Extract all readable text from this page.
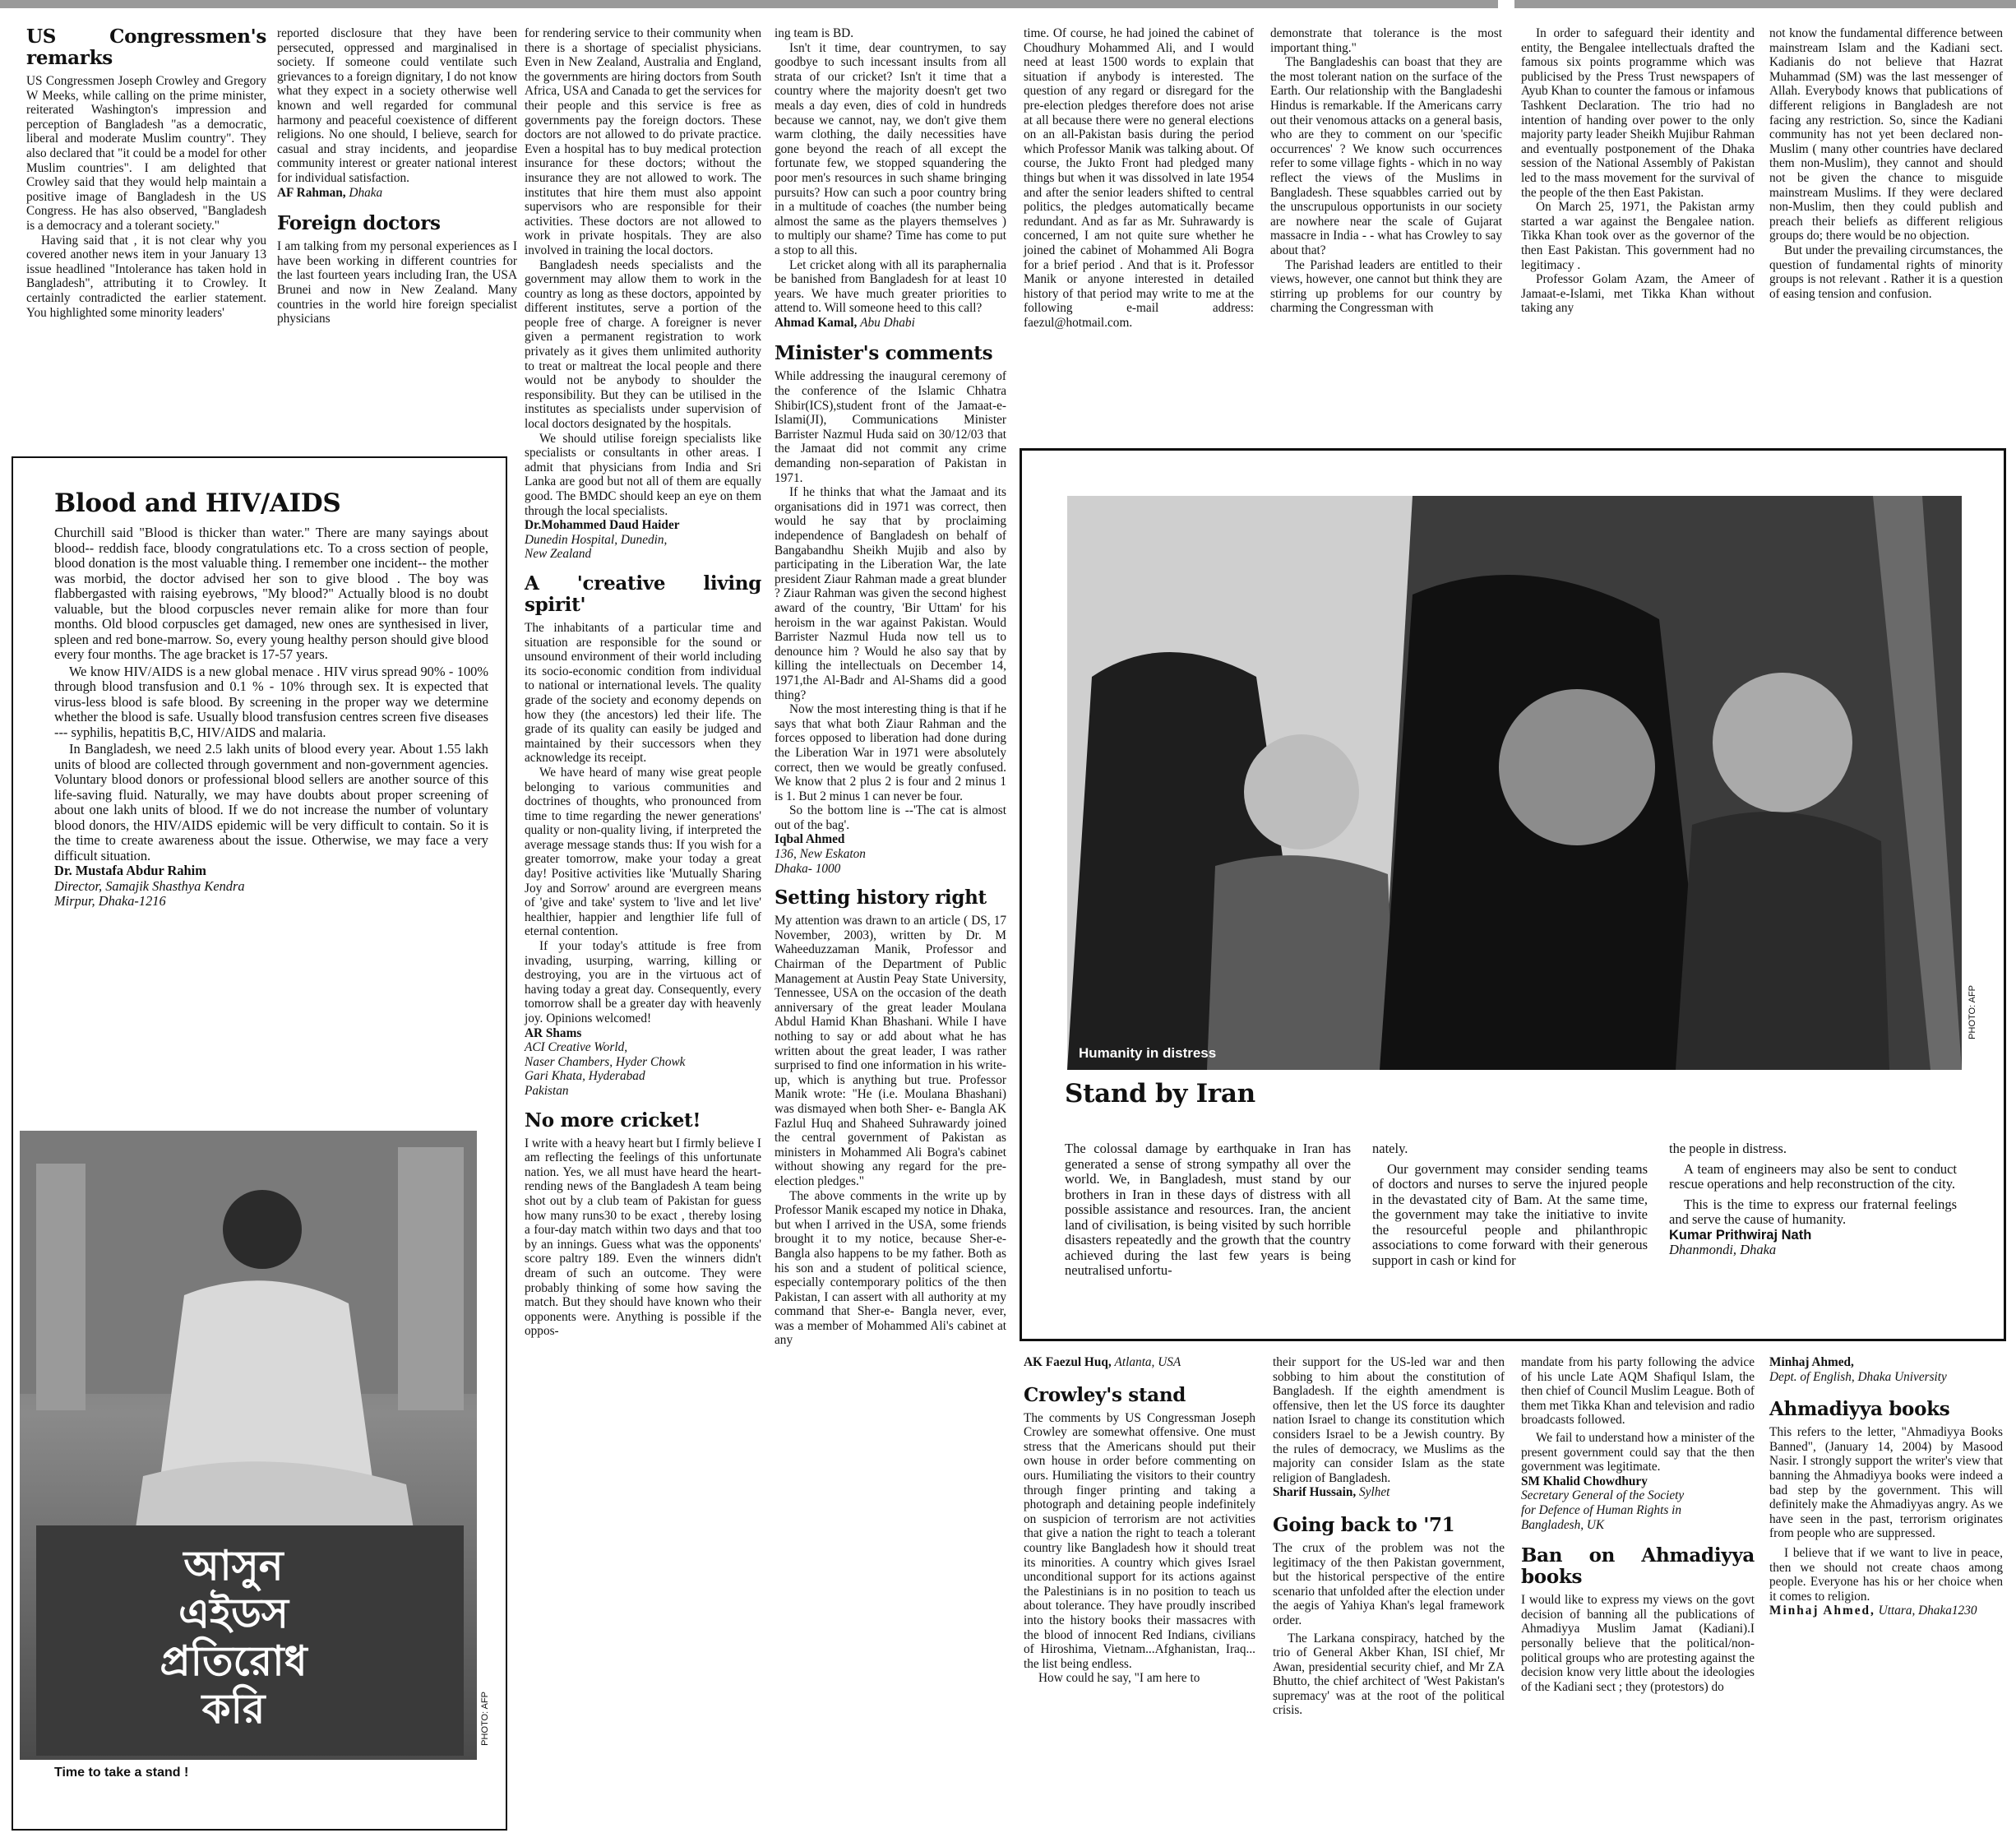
US Congressmen's remarks

US Congressmen Joseph Crowley and Gregory W Meeks, while calling on the prime minister, reiterated Washington's impression and perception of Bangladesh "as a democratic, liberal and moderate Muslim country". They also declared that "it could be a model for other Muslim countries". I am delighted that Crowley said that they would help maintain a positive image of Bangladesh in the US Congress. He has also observed, "Bangladesh is a democracy and a tolerant society."

Having said that , it is not clear why you covered another news item in your January 13 issue headlined "Intolerance has taken hold in Bangladesh", attributing it to Crowley. It certainly contradicted the earlier statement. You highlighted some minority leaders'

reported disclosure that they have been persecuted, oppressed and marginalised in society. If someone could ventilate such grievances to a foreign dignitary, I do not know what they expect in a society otherwise well known and well regarded for communal harmony and peaceful coexistence of different religions. No one should, I believe, search for casual and stray incidents, and jeopardise community interest or greater national interest for individual satisfaction.

AF Rahman, Dhaka

Foreign doctors

I am talking from my personal experiences as I have been working in different countries for the last fourteen years including Iran, the USA Brunei and now in New Zealand. Many countries in the world hire foreign specialist physicians

for rendering service to their community when there is a shortage of specialist physicians. Even in New Zealand, Australia and England, the governments are hiring doctors from South Africa, USA and Canada to get the services for their people and this service is free as governments pay the foreign doctors. These doctors are not allowed to do private practice. Even a hospital has to buy medical protection insurance for these doctors; without the insurance they are not allowed to work. The institutes that hire them must also appoint supervisors who are responsible for their activities. These doctors are not allowed to work in private hospitals. They are also involved in training the local doctors.

Bangladesh needs specialists and the government may allow them to work in the country as long as these doctors, appointed by different institutes, serve a portion of the people free of charge. A foreigner is never given a permanent registration to work privately as it gives them unlimited authority to treat or maltreat the local people and there would not be anybody to shoulder the responsibility. But they can be utilised in the institutes as specialists under supervision of local doctors designated by the hospitals.

We should utilise foreign specialists like specialists or consultants in other areas. I admit that physicians from India and Sri Lanka are good but not all of them are equally good. The BMDC should keep an eye on them through the local specialists.

Dr.Mohammed Daud Haider

Dunedin Hospital, Dunedin,

New Zealand

A 'creative living spirit'

The inhabitants of a particular time and situation are responsible for the sound or unsound environment of their world including its socio-economic condition from individual to national or international levels. The quality grade of the society and economy depends on how they (the ancestors) led their life. The grade of its quality can easily be judged and maintained by their successors when they acknowledge its receipt.

We have heard of many wise great people belonging to various communities and doctrines of thoughts, who pronounced from time to time regarding the newer generations' quality or non-quality living, if interpreted the average message stands thus: If you wish for a greater tomorrow, make your today a great day! Positive activities like 'Mutually Sharing Joy and Sorrow' around are evergreen means of 'give and take' system to 'live and let live' healthier, happier and lengthier life full of eternal contention.

If your today's attitude is free from invading, usurping, warring, killing or destroying, you are in the virtuous act of having today a great day. Consequently, every tomorrow shall be a greater day with heavenly joy. Opinions welcomed!

AR Shams

ACI Creative World,

Naser Chambers, Hyder Chowk

Gari Khata, Hyderabad

Pakistan

No more cricket!

I write with a heavy heart but I firmly believe I am reflecting the feelings of this unfortunate nation. Yes, we all must have heard the heart-rending news of the Bangladesh A team being shot out by a club team of Pakistan for guess how many runs30 to be exact , thereby losing a four-day match within two days and that too by an innings. Guess what was the opponents' score paltry 189. Even the winners didn't dream of such an outcome. They were probably thinking of some how saving the match. But they should have known who their opponents were. Anything is possible if the oppos-

ing team is BD.

Isn't it time, dear countrymen, to say goodbye to such incessant insults from all strata of our cricket? Isn't it time that a country where the majority doesn't get two meals a day even, dies of cold in hundreds because we cannot, nay, we don't give them warm clothing, the daily necessities have gone beyond the reach of all except the fortunate few, we stopped squandering the poor men's resources in such shame bringing pursuits? How can such a poor country bring in a multitude of coaches (the number being almost the same as the players themselves ) to multiply our shame? Time has come to put a stop to all this.

Let cricket along with all its paraphernalia be banished from Bangladesh for at least 10 years. We have much greater priorities to attend to. Will someone heed to this call?

Ahmad Kamal, Abu Dhabi

Minister's comments

While addressing the inaugural ceremony of the conference of the Islamic Chhatra Shibir(ICS),student front of the Jamaat-e-Islami(JI), Communications Minister Barrister Nazmul Huda said on 30/12/03 that the Jamaat did not commit any crime demanding non-separation of Pakistan in 1971.

If he thinks that what the Jamaat and its organisations did in 1971 was correct, then would he say that by proclaiming independence of Bangladesh on behalf of Bangabandhu Sheikh Mujib and also by participating in the Liberation War, the late president Ziaur Rahman made a great blunder ? Ziaur Rahman was given the second highest award of the country, 'Bir Uttam' for his heroism in the war against Pakistan. Would Barrister Nazmul Huda now tell us to denounce him ? Would he also say that by killing the intellectuals on December 14, 1971,the Al-Badr and Al-Shams did a good thing?

Now the most interesting thing is that if he says that what both Ziaur Rahman and the forces opposed to liberation had done during the Liberation War in 1971 were absolutely correct, then we would be greatly confused. We know that 2 plus 2 is four and 2 minus 1 is 1. But 2 minus 1 can never be four.

So the bottom line is --'The cat is almost out of the bag'.

Iqbal Ahmed

136, New Eskaton

Dhaka- 1000

Setting history right

My attention was drawn to an article ( DS, 17 November, 2003), written by Dr. M Waheeduzzaman Manik, Professor and Chairman of the Department of Public Management at Austin Peay State University, Tennessee, USA on the occasion of the death anniversary of the great leader Moulana Abdul Hamid Khan Bhashani. While I have nothing to say or add about what he has written about the great leader, I was rather surprised to find one information in his write-up, which is anything but true. Professor Manik wrote: "He (i.e. Moulana Bhashani) was dismayed when both Sher- e- Bangla AK Fazlul Huq and Shaheed Suhrawardy joined the central government of Pakistan as ministers in Mohammed Ali Bogra's cabinet without showing any regard for the pre-election pledges."

The above comments in the write up by Professor Manik escaped my notice in Dhaka, but when I arrived in the USA, some friends brought it to my notice, because Sher-e-Bangla also happens to be my father. Both as his son and a student of political science, especially contemporary politics of the then Pakistan, I can assert with all authority at my command that Sher-e- Bangla never, ever, was a member of Mohammed Ali's cabinet at any

time. Of course, he had joined the cabinet of Choudhury Mohammed Ali, and I would need at least 1500 words to explain that situation if anybody is interested. The question of any regard or disregard for the pre-election pledges therefore does not arise at all because there were no general elections on an all-Pakistan basis during the period which Professor Manik was talking about. Of course, the Jukto Front had pledged many things but when it was dissolved in late 1954 and after the senior leaders shifted to central politics, the pledges automatically became redundant. And as far as Mr. Suhrawardy is concerned, I am not quite sure whether he joined the cabinet of Mohammed Ali Bogra for a brief period . And that is it. Professor Manik or anyone interested in detailed history of that period may write to me at the following e-mail address: faezul@hotmail.com.

demonstrate that tolerance is the most important thing."

The Bangladeshis can boast that they are the most tolerant nation on the surface of the Earth. Our relationship with the Bangladeshi Hindus is remarkable. If the Americans carry out their venomous attacks on a general basis, who are they to comment on our 'specific occurrences' ? We know such occurrences refer to some village fights - which in no way reflect the views of the Muslims in Bangladesh. These squabbles carried out by the unscrupulous opportunists in our society are nowhere near the scale of Gujarat massacre in India - - what has Crowley to say about that?

The Parishad leaders are entitled to their views, however, one cannot but think they are stirring up problems for our country by charming the Congressman with

In order to safeguard their identity and entity, the Bengalee intellectuals drafted the famous six points programme which was publicised by the Press Trust newspapers of Ayub Khan to counter the famous or infamous Tashkent Declaration. The trio had no intention of handing over power to the only majority party leader Sheikh Mujibur Rahman and eventually postponement of the Dhaka session of the National Assembly of Pakistan led to the mass movement for the survival of the people of the then East Pakistan.

On March 25, 1971, the Pakistan army started a war against the Bengalee nation. Tikka Khan took over as the governor of the then East Pakistan. This government had no legitimacy .

Professor Golam Azam, the Ameer of Jamaat-e-Islami, met Tikka Khan without taking any

not know the fundamental difference between mainstream Islam and the Kadiani sect. Kadianis do not believe that Hazrat Muhammad (SM) was the last messenger of Allah. Everybody knows that publications of different religions in Bangladesh are not facing any restriction. So, since the Kadiani community has not yet been declared non-Muslim ( many other countries have declared them non-Muslim), they cannot and should not be given the chance to misguide mainstream Muslims. If they were declared non-Muslim, then they could publish and preach their beliefs as different religious groups do; there would be no objection.

But under the prevailing circumstances, the question of fundamental rights of minority groups is not relevant . Rather it is a question of easing tension and confusion.

Blood and HIV/AIDS

Churchill said "Blood is thicker than water." There are many sayings about blood-- reddish face, bloody congratulations etc. To a cross section of people, blood donation is the most valuable thing. I remember one incident-- the mother was morbid, the doctor advised her son to give blood . The boy was flabbergasted with raising eyebrows, "My blood?" Actually blood is no doubt valuable, but the blood corpuscles never remain alike for more than four months. Old blood corpuscles get damaged, new ones are synthesised in liver, spleen and red bone-marrow. So, every young healthy person should give blood every four months. The age bracket is 17-57 years.

We know HIV/AIDS is a new global menace . HIV virus spread 90% - 100% through blood transfusion and 0.1 % - 10% through sex. It is expected that virus-less blood is safe blood. By screening in the proper way we determine whether the blood is safe. Usually blood transfusion centres screen five diseases --- syphilis, hepatitis B,C, HIV/AIDS and malaria.

In Bangladesh, we need 2.5 lakh units of blood every year. About 1.55 lakh units of blood are collected through government and non-government agencies. Voluntary blood donors or professional blood sellers are another source of this life-saving fluid. Naturally, we may have doubts about proper screening of about one lakh units of blood. If we do not increase the number of voluntary blood donors, the HIV/AIDS epidemic will be very difficult to contain. So it is the time to create awareness about the issue. Otherwise, we may face a very difficult situation.

Dr. Mustafa Abdur Rahim

Director, Samajik Shasthya Kendra

Mirpur, Dhaka-1216

আসুন
এইডস
প্রতিরোধ
করি	PHOTO: AFP
Time to take a stand !
Humanity in distress
PHOTO: AFP
Stand by Iran

The colossal damage by earthquake in Iran has generated a sense of strong sympathy all over the world. We, in Bangladesh, must stand by our brothers in Iran in these days of distress with all possible assistance and resources. Iran, the ancient land of civilisation, is being visited by such horrible disasters repeatedly and the growth that the country achieved during the last few years is being neutralised unfortu-

nately.

Our government may consider sending teams of doctors and nurses to serve the injured people in the devastated city of Bam. At the same time, the government may take the initiative to invite the resourceful people and philanthropic associations to come forward with their generous support in cash or kind for

the people in distress.

A team of engineers may also be sent to conduct rescue operations and help reconstruction of the city.

This is the time to express our fraternal feelings and serve the cause of humanity.

Kumar Prithwiraj Nath

Dhanmondi, Dhaka

AK Faezul Huq, Atlanta, USA

Crowley's stand

The comments by US Congressman Joseph Crowley are somewhat offensive. One must stress that the Americans should put their own house in order before commenting on ours. Humiliating the visitors to their country through finger printing and taking a photograph and detaining people indefinitely on suspicion of terrorism are not activities that give a nation the right to teach a tolerant country like Bangladesh how it should treat its minorities. A country which gives Israel unconditional support for its actions against the Palestinians is in no position to teach us about tolerance. They have proudly inscribed into the history books their massacres with the blood of innocent Red Indians, civilians of Hiroshima, Vietnam...Afghanistan, Iraq... the list being endless.

How could he say, "I am here to

their support for the US-led war and then sobbing to him about the constitution of Bangladesh. If the eighth amendment is offensive, then let the US force its daughter nation Israel to change its constitution which considers Israel to be a Jewish country. By the rules of democracy, we Muslims as the majority can consider Islam as the state religion of Bangladesh.

Sharif Hussain, Sylhet

Going back to '71

The crux of the problem was not the legitimacy of the then Pakistan government, but the historical perspective of the entire scenario that unfolded after the election under the aegis of Yahiya Khan's legal framework order.

The Larkana conspiracy, hatched by the trio of General Akber Khan, ISI chief, Mr Awan, presidential security chief, and Mr ZA Bhutto, the chief architect of 'West Pakistan's supremacy' was at the root of the political crisis.

mandate from his party following the advice of his uncle Late AQM Shafiqul Islam, the then chief of Council Muslim League. Both of them met Tikka Khan and television and radio broadcasts followed.

We fail to understand how a minister of the present government could say that the then government was legitimate.

SM Khalid Chowdhury

Secretary General of the Society

for Defence of Human Rights in

Bangladesh, UK

Ban on Ahmadiyya books

I would like to express my views on the govt decision of banning all the publications of Ahmadiyya Muslim Jamat (Kadiani).I personally believe that the political/non-political groups who are protesting against the decision know very little about the ideologies of the Kadiani sect ; they (protestors) do

Minhaj Ahmed,

Dept. of English, Dhaka University

Ahmadiyya books

This refers to the letter, "Ahmadiyya Books Banned", (January 14, 2004) by Masood Nasir. I strongly support the writer's view that banning the Ahmadiyya books were indeed a bad step by the government. This will definitely make the Ahmadiyyas angry. As we have seen in the past, terrorism originates from people who are suppressed.

I believe that if we want to live in peace, then we should not create chaos among people. Everyone has his or her choice when it comes to religion.

Minhaj Ahmed, Uttara, Dhaka1230
